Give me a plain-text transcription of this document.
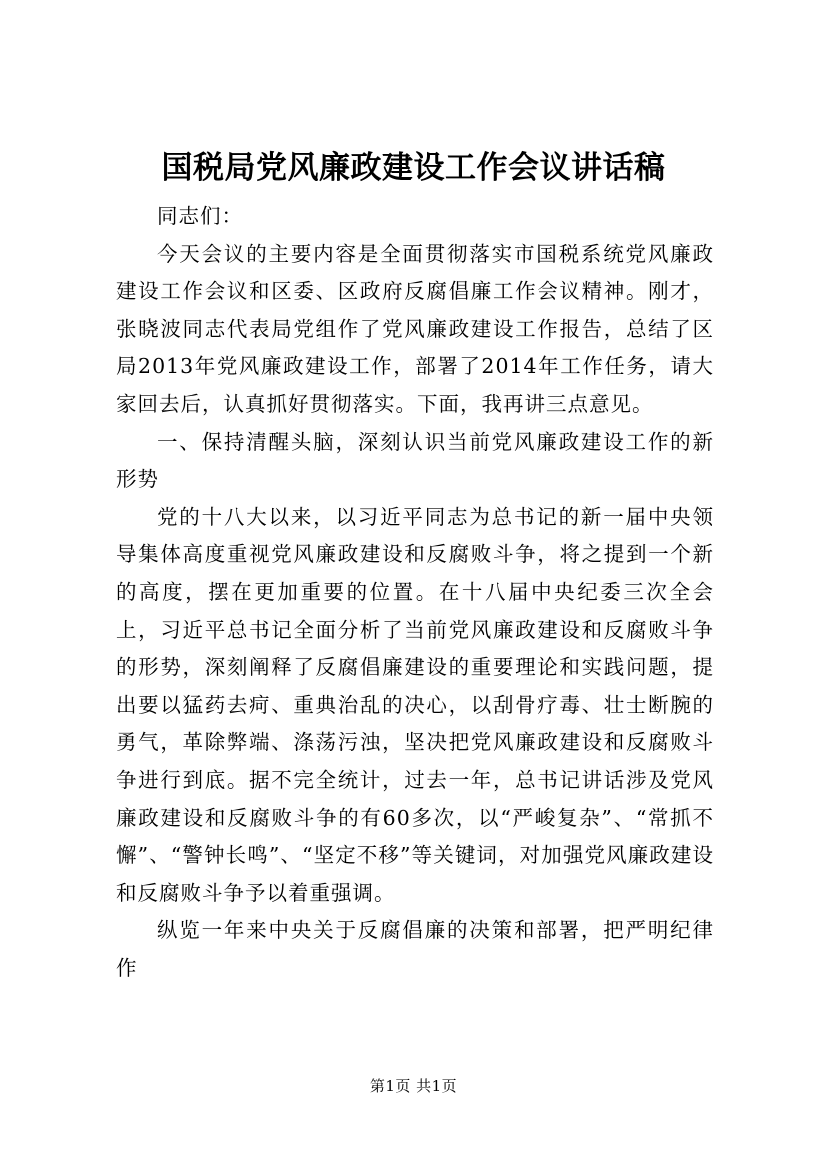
国税局党风廉政建设工作会议讲话稿

同志们：

今天会议的主要内容是全面贯彻落实市国税系统党风廉政建设工作会议和区委、区政府反腐倡廉工作会议精神。刚才，张晓波同志代表局党组作了党风廉政建设工作报告，总结了区局2013年党风廉政建设工作，部署了2014年工作任务，请大家回去后，认真抓好贯彻落实。下面，我再讲三点意见。

一、保持清醒头脑，深刻认识当前党风廉政建设工作的新形势

党的十八大以来，以习近平同志为总书记的新一届中央领导集体高度重视党风廉政建设和反腐败斗争，将之提到一个新的高度，摆在更加重要的位置。在十八届中央纪委三次全会上，习近平总书记全面分析了当前党风廉政建设和反腐败斗争的形势，深刻阐释了反腐倡廉建设的重要理论和实践问题，提出要以猛药去疴、重典治乱的决心，以刮骨疗毒、壮士断腕的勇气，革除弊端、涤荡污浊，坚决把党风廉政建设和反腐败斗争进行到底。据不完全统计，过去一年，总书记讲话涉及党风廉政建设和反腐败斗争的有60多次，以“严峻复杂”、“常抓不懈”、“警钟长鸣”、“坚定不移”等关键词，对加强党风廉政建设和反腐败斗争予以着重强调。

纵览一年来中央关于反腐倡廉的决策和部署，把严明纪律作

第1页 共1页
